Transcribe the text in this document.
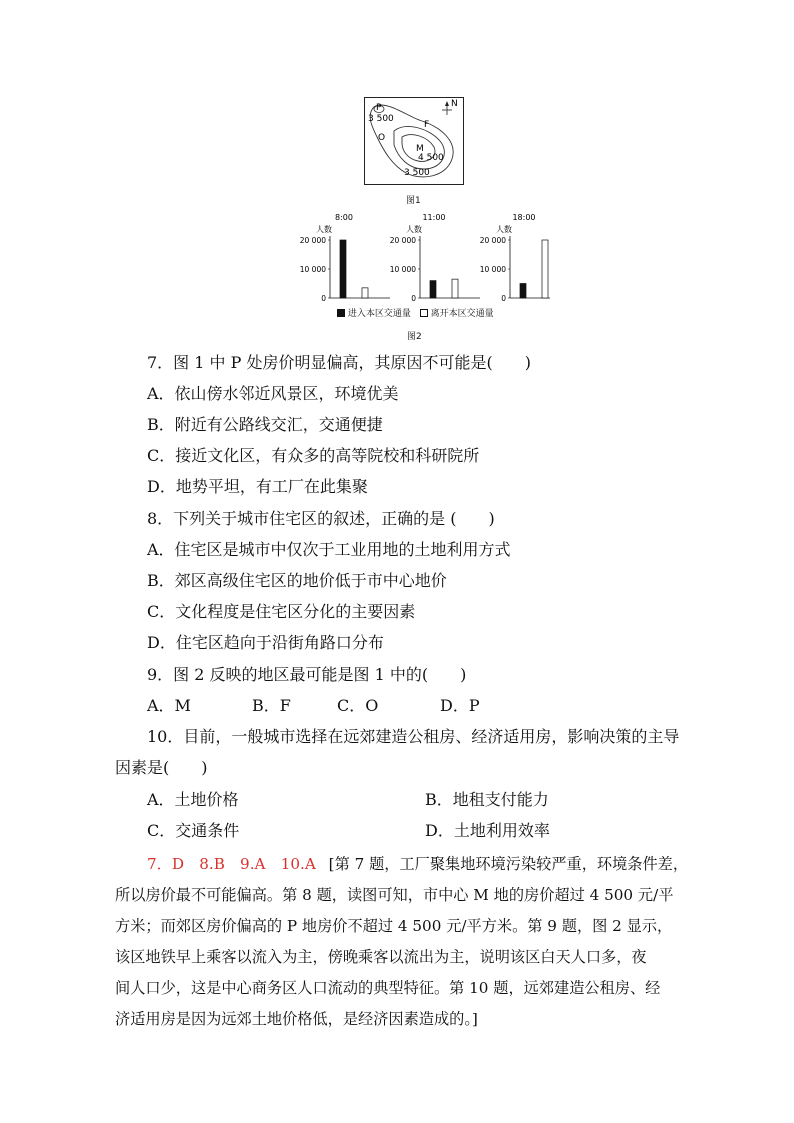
N
P
3 500
F
O
M
4 500
3 500
图1
8:00
人数
20 000
10 000
0
11:00
人数
20 000
10 000
0
18:00
人数
20 000
10 000
0
进入本区交通量 离开本区交通量
图2
7．图 1 中 P 处房价明显偏高，其原因不可能是(　　)
A．依山傍水邻近风景区，环境优美
B．附近有公路线交汇，交通便捷
C．接近文化区，有众多的高等院校和科研院所
D．地势平坦，有工厂在此集聚
8．下列关于城市住宅区的叙述，正确的是 (　　)
A．住宅区是城市中仅次于工业用地的土地利用方式
B．郊区高级住宅区的地价低于市中心地价
C．文化程度是住宅区分化的主要因素
D．住宅区趋向于沿街角路口分布
9．图 2 反映的地区最可能是图 1 中的(　　)
A．M	B．F	C．O	D．P
10．目前，一般城市选择在远郊建造公租房、经济适用房，影响决策的主导
因素是(　　)
A．土地价格	B．地租支付能力
C．交通条件	D．土地利用效率
7．D　8.B　9.A　10.A [第 7 题，工厂聚集地环境污染较严重，环境条件差，
所以房价最不可能偏高。第 8 题，读图可知，市中心 M 地的房价超过 4 500 元/平
方米；而郊区房价偏高的 P 地房价不超过 4 500 元/平方米。第 9 题，图 2 显示，
该区地铁早上乘客以流入为主，傍晚乘客以流出为主，说明该区白天人口多，夜
间人口少，这是中心商务区人口流动的典型特征。第 10 题，远郊建造公租房、经
济适用房是因为远郊土地价格低，是经济因素造成的。]
